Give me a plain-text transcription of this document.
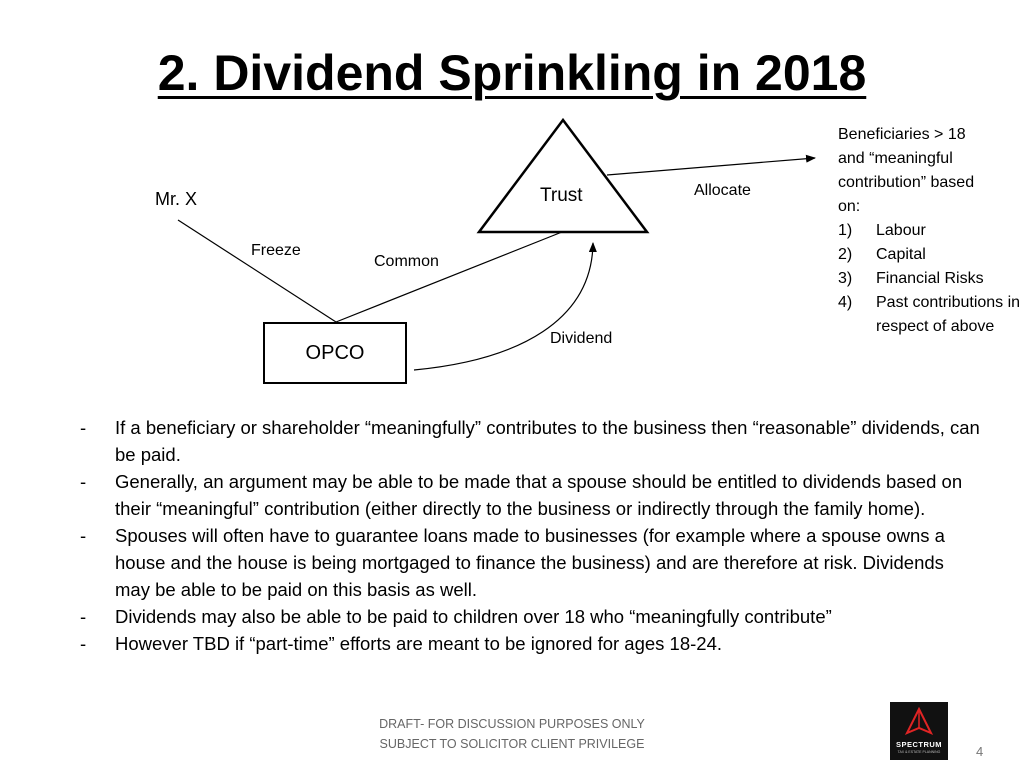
2. Dividend Sprinkling in 2018
Mr. X
Freeze
Common
Trust	Allocate
Dividend
OPCO
Beneficiaries > 18
and “meaningful
contribution” based
on:
1)	Labour
2)	Capital
3)	Financial Risks
4)	Past contributions in respect of above
-	If a beneficiary or shareholder “meaningfully” contributes to the business then “reasonable” dividends, can be paid.
-	Generally, an argument may be able to be made that a spouse should be entitled to dividends based on their “meaningful” contribution (either directly to the business or indirectly through the family home).
-	Spouses will often have to guarantee loans made to businesses (for example where a spouse owns a house and the house is being mortgaged to finance the business) and are therefore at risk. Dividends may be able to be paid on this basis as well.
-	Dividends may also be able to be paid to children over 18 who “meaningfully contribute”
-	However TBD if “part-time” efforts are meant to be ignored for ages 18-24.
DRAFT- FOR DISCUSSION PURPOSES ONLY
SUBJECT TO SOLICITOR CLIENT PRIVILEGE	SPECTRUM
TAX & ESTATE PLANNING	4
